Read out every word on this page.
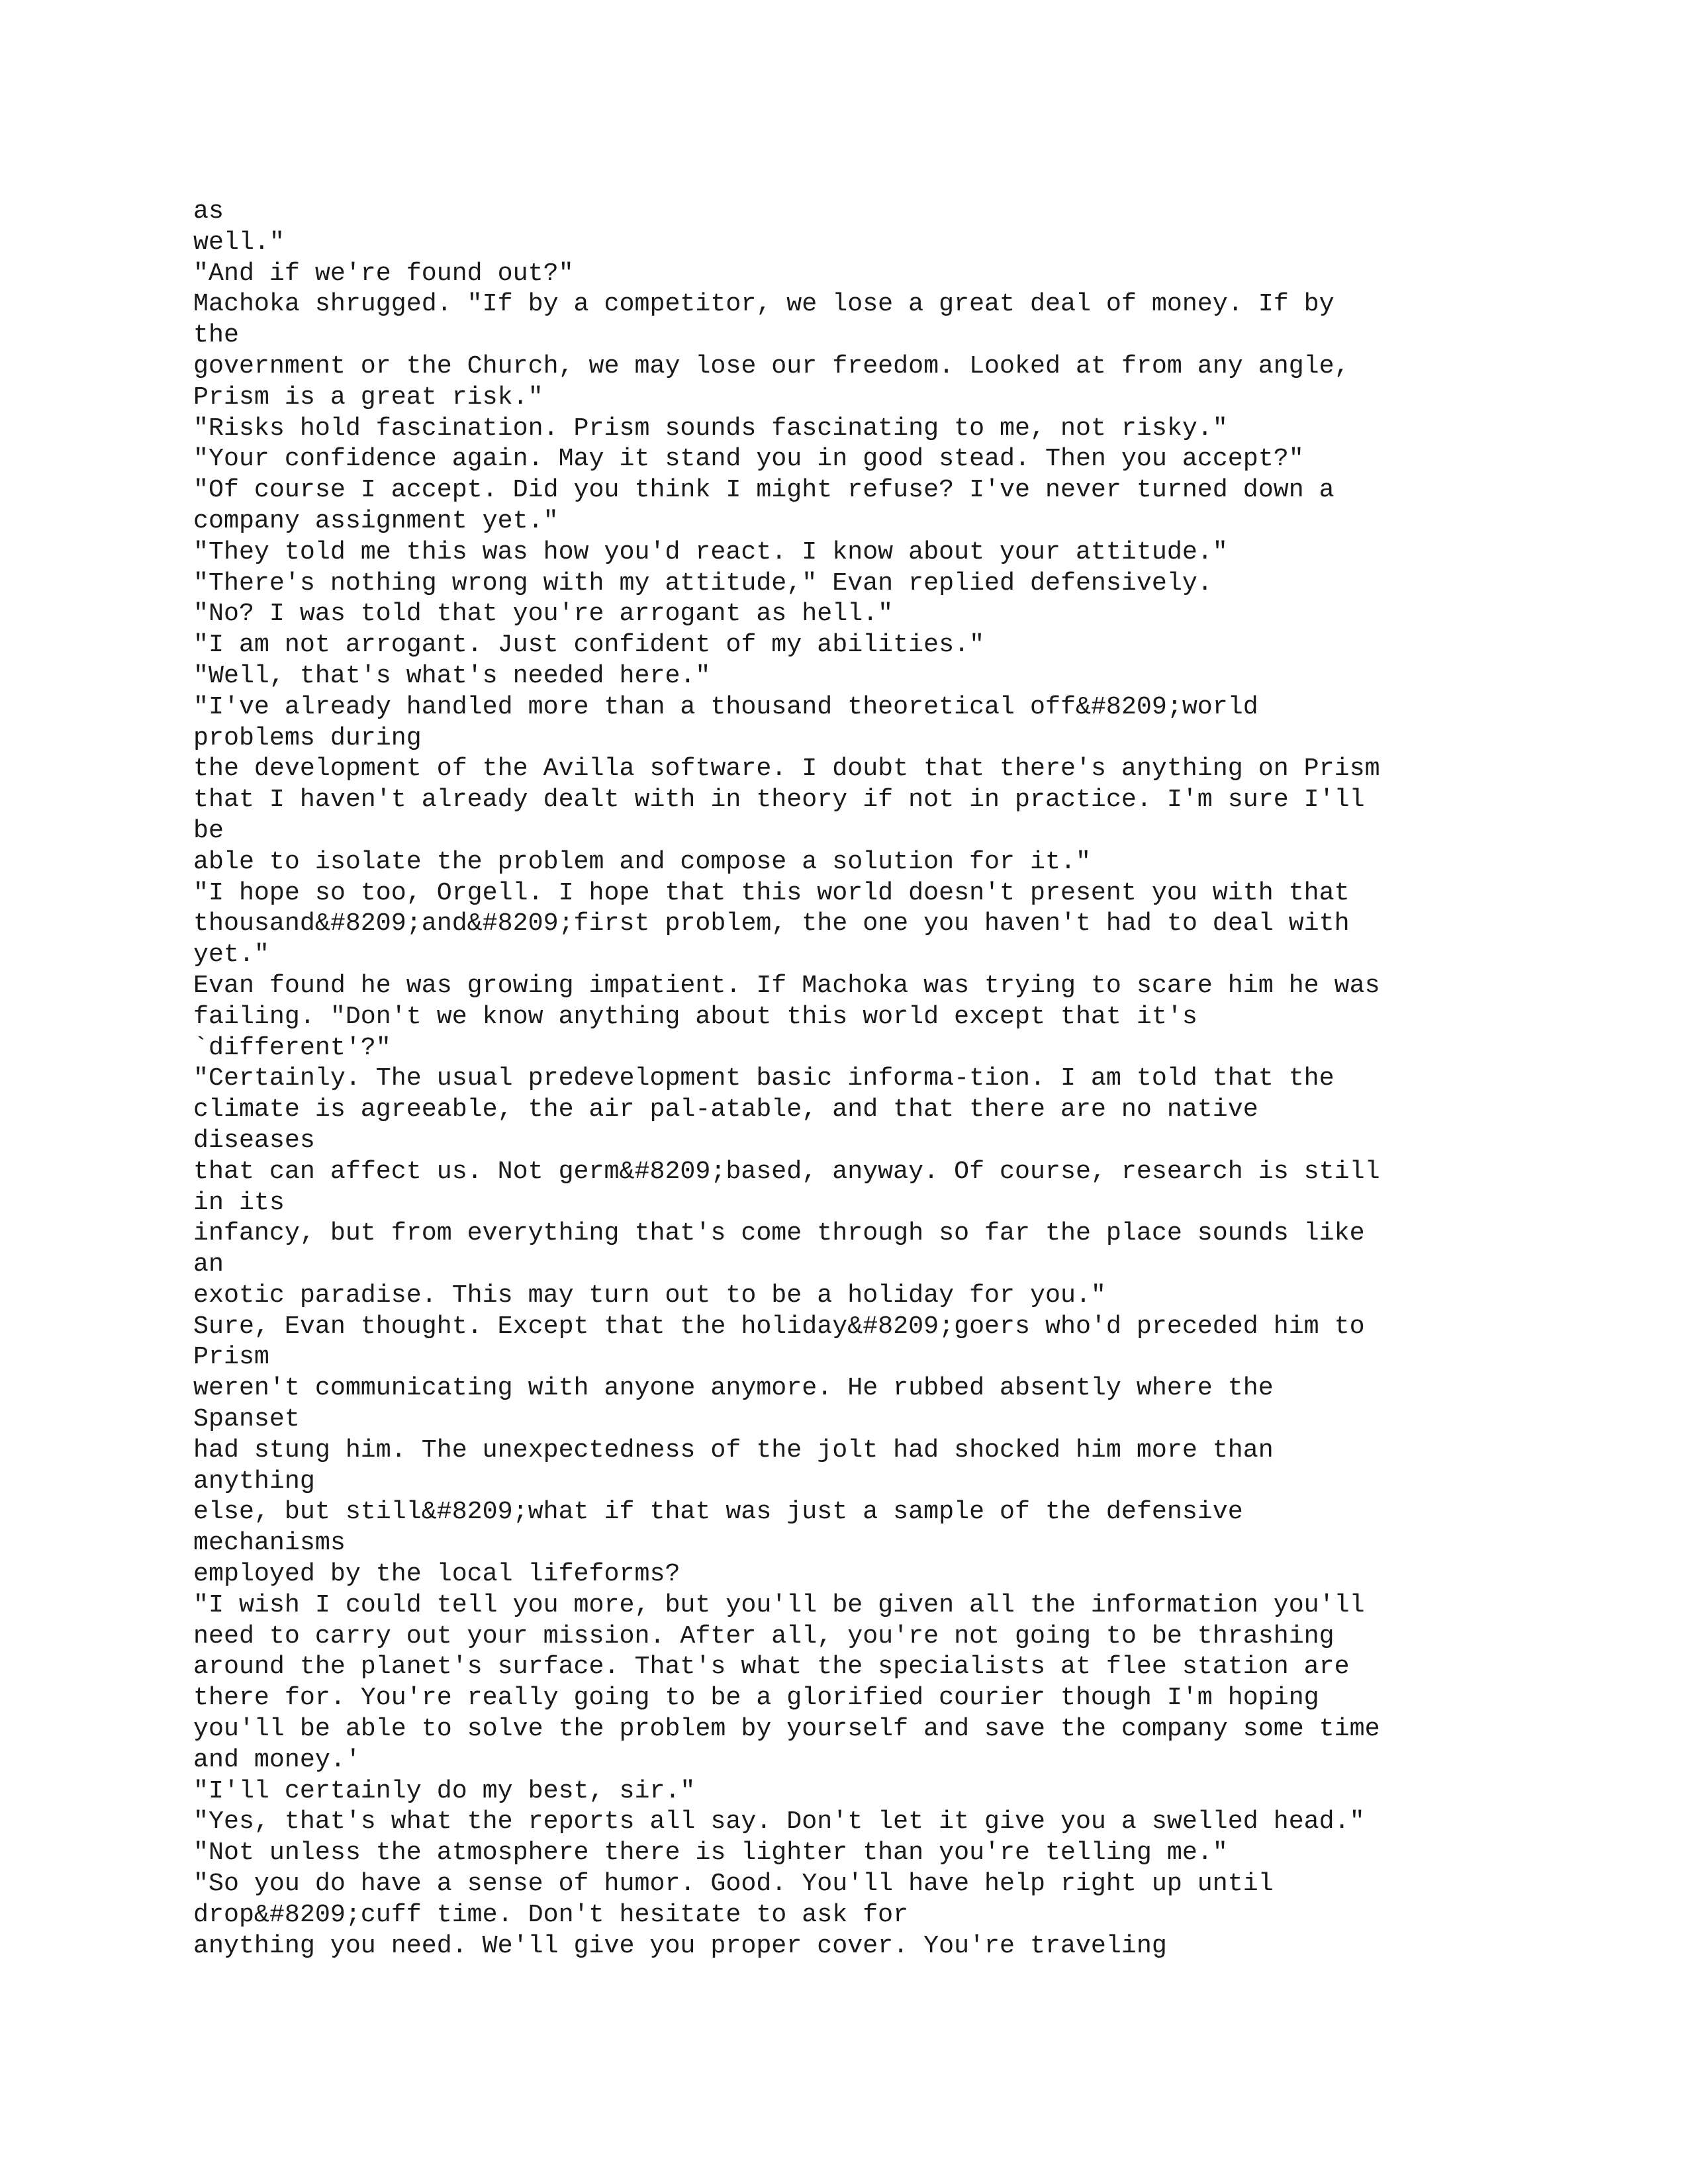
as
well."
"And if we're found out?"
Machoka shrugged. "If by a competitor, we lose a great deal of money. If by
the
government or the Church, we may lose our freedom. Looked at from any angle,
Prism is a great risk."
"Risks hold fascination. Prism sounds fascinating to me, not risky."
"Your confidence again. May it stand you in good stead. Then you accept?"
"Of course I accept. Did you think I might refuse? I've never turned down a
company assignment yet."
"They told me this was how you'd react. I know about your attitude."
"There's nothing wrong with my attitude," Evan replied defensively.
"No? I was told that you're arrogant as hell."
"I am not arrogant. Just confident of my abilities."
"Well, that's what's needed here."
"I've already handled more than a thousand theoretical off&#8209;world
problems during
the development of the Avilla software. I doubt that there's anything on Prism
that I haven't already dealt with in theory if not in practice. I'm sure I'll
be
able to isolate the problem and compose a solution for it."
"I hope so too, Orgell. I hope that this world doesn't present you with that
thousand&#8209;and&#8209;first problem, the one you haven't had to deal with
yet."
Evan found he was growing impatient. If Machoka was trying to scare him he was
failing. "Don't we know anything about this world except that it's
`different'?"
"Certainly. The usual predevelopment basic informa-tion. I am told that the
climate is agreeable, the air pal-atable, and that there are no native
diseases
that can affect us. Not germ&#8209;based, anyway. Of course, research is still
in its
infancy, but from everything that's come through so far the place sounds like
an
exotic paradise. This may turn out to be a holiday for you."
Sure, Evan thought. Except that the holiday&#8209;goers who'd preceded him to
Prism
weren't communicating with anyone anymore. He rubbed absently where the
Spanset
had stung him. The unexpectedness of the jolt had shocked him more than
anything
else, but still&#8209;what if that was just a sample of the defensive
mechanisms
employed by the local lifeforms?
"I wish I could tell you more, but you'll be given all the information you'll
need to carry out your mission. After all, you're not going to be thrashing
around the planet's surface. That's what the specialists at flee station are
there for. You're really going to be a glorified courier though I'm hoping
you'll be able to solve the problem by yourself and save the company some time
and money.'
"I'll certainly do my best, sir."
"Yes, that's what the reports all say. Don't let it give you a swelled head."
"Not unless the atmosphere there is lighter than you're telling me."
"So you do have a sense of humor. Good. You'll have help right up until
drop&#8209;cuff time. Don't hesitate to ask for
anything you need. We'll give you proper cover. You're traveling
